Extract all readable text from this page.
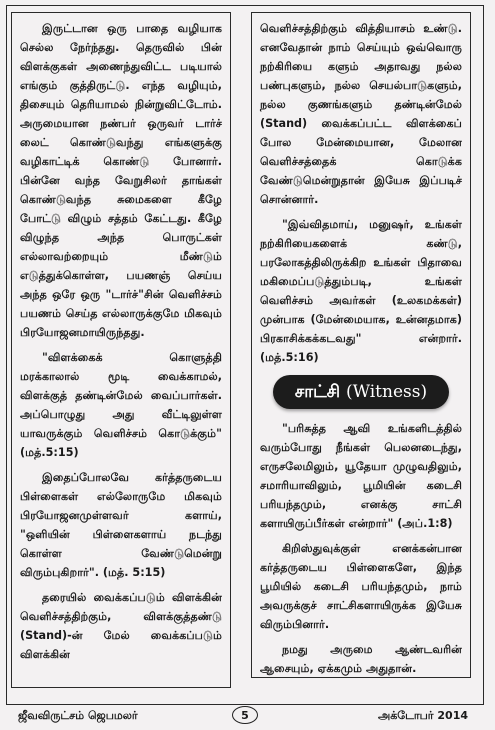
இருட்டான ஒரு பாதை வழியாக செல்ல நேர்ந்தது. தெருவில் பின் விளக்குகள் அணைந்துவிட்ட படியால் எங்கும் குத்திருட்டு. எந்த வழியும், திசையும் தெரியாமல் நின்றுவிட்டோம். அருமையான நண்பர் ஒருவர் டார்ச் லைட் கொண்டுவந்து எங்களுக்கு வழிகாட்டிக் கொண்டு போனார். பின்னே வந்த வேறுசிலர் தாங்கள் கொண்டுவந்த சுமைகளை கீழே போட்டு விழும் சத்தம் கேட்டது. கீழே விழுந்த அந்த பொருட்கள் எல்லாவற்றையும் மீண்டும் எடுத்துக்கொள்ள, பயணஞ் செய்ய அந்த ஒரே ஒரு "டார்ச்"சின் வெளிச்சம் பயணம் செய்த எல்லாருக்குமே மிகவும் பிரயோஜனமாயிருந்தது.

"விளக்கைக் கொளுத்தி மரக்காலால் மூடி வைக்காமல், விளக்குத் தண்டின்மேல் வைப்பார்கள். அப்பொழுது அது வீட்டிலுள்ள யாவருக்கும் வெளிச்சம் கொடுக்கும்" (மத்.5:15)

இதைப்போலவே கர்த்தருடைய பிள்ளைகள் எல்லோருமே மிகவும் பிரயோஜனமுள்ளவர் களாய், "ஒளியின் பிள்ளைகளாய் நடந்து கொள்ள வேண்டுமென்று விரும்புகிறார்". (மத். 5:15)

தரையில் வைக்கப்படும் விளக்கின் வெளிச்சத்திற்கும், விளக்குத்தண்டு (Stand)-ன் மேல் வைக்கப்படும் விளக்கின்

வெளிச்சத்திற்கும் வித்தியாசம் உண்டு. எனவேதான் நாம் செய்யும் ஒவ்வொரு நற்கிரியை களும் அதாவது நல்ல பண்புகளும், நல்ல செயல்பாடுகளும், நல்ல குணங்களும் தண்டின்மேல் (Stand) வைக்கப்பட்ட விளக்கைப் போல மேன்மையான, மேலான வெளிச்சத்தைக் கொடுக்க வேண்டுமென்றுதான் இயேசு இப்படிச் சொன்னார்.

"இவ்விதமாய், மனுஷர், உங்கள் நற்கிரியைகளைக் கண்டு, பரலோகத்திலிருக்கிற உங்கள் பிதாவை மகிமைப்படுத்தும்படி, உங்கள் வெளிச்சம் அவர்கள் (உலகமக்கள்) முன்பாக (மேன்மையாக, உன்னதமாக) பிரகாசிக்கக்கடவது" என்றார். (மத்.5:16)

சாட்சி (Witness)

"பரிசுத்த ஆவி உங்களிடத்தில் வரும்போது நீங்கள் பெலனடைந்து, எருசலேமிலும், யூதேயா முழுவதிலும், சமாரியாவிலும், பூமியின் கடைசி பரியந்தமும், எனக்கு சாட்சி களாயிருப்பீர்கள் என்றார்" (அப்.1:8)

கிறிஸ்துவுக்குள் எனக்கன்பான கர்த்தருடைய பிள்ளைகளே, இந்த பூமியில் கடைசி பரியந்தமும், நாம் அவருக்குச் சாட்சிகளாயிருக்க இயேசு விரும்பினார்.

நமது அருமை ஆண்டவரின் ஆசையும், ஏக்கமும் அதுதான்.

ஜீவவிருட்சம் ஜெபமலர்	5	அக்டோபர் 2014
